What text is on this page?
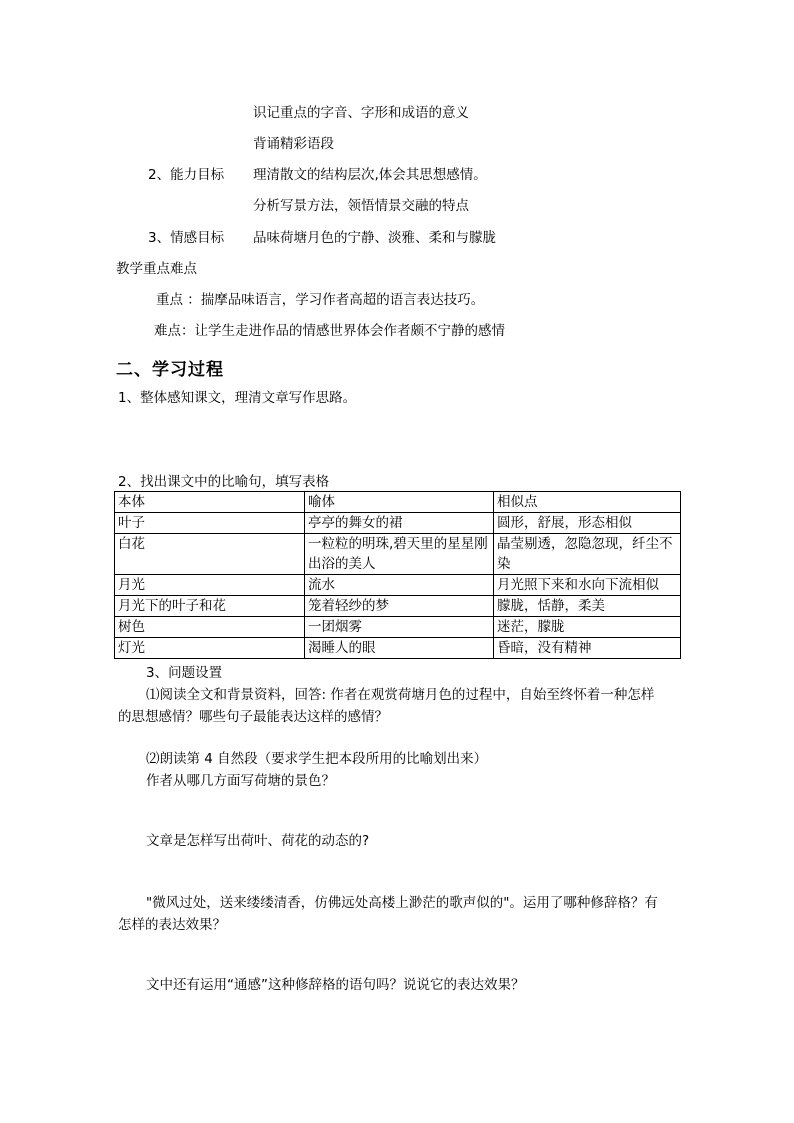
识记重点的字音、字形和成语的意义
背诵精彩语段
2、能力目标 理清散文的结构层次,体会其思想感情。
分析写景方法，领悟情景交融的特点
3、情感目标 品味荷塘月色的宁静、淡雅、柔和与朦胧
教学重点难点
重点 ：揣摩品味语言，学习作者高超的语言表达技巧。
难点：让学生走进作品的情感世界体会作者颇不宁静的感情
二、学习过程
1、整体感知课文，理清文章写作思路。
2、找出课文中的比喻句，填写表格
本体	喻体	相似点
叶子	亭亭的舞女的裙	圆形，舒展，形态相似
白花	一粒粒的明珠,碧天里的星星刚出浴的美人	晶莹剔透，忽隐忽现，纤尘不染
月光	流水	月光照下来和水向下流相似
月光下的叶子和花	笼着轻纱的梦	朦胧，恬静，柔美
树色	一团烟雾	迷茫，朦胧
灯光	渴睡人的眼	昏暗，没有精神
3、问题设置
⑴阅读全文和背景资料，回答: 作者在观赏荷塘月色的过程中，自始至终怀着一种怎样
的思想感情？哪些句子最能表达这样的感情？
⑵朗读第 4 自然段（要求学生把本段所用的比喻划出来）
作者从哪几方面写荷塘的景色？
文章是怎样写出荷叶、荷花的动态的?
"微风过处，送来缕缕清香，仿佛远处高楼上渺茫的歌声似的"。运用了哪种修辞格？有
怎样的表达效果？
文中还有运用“通感”这种修辞格的语句吗？说说它的表达效果？
